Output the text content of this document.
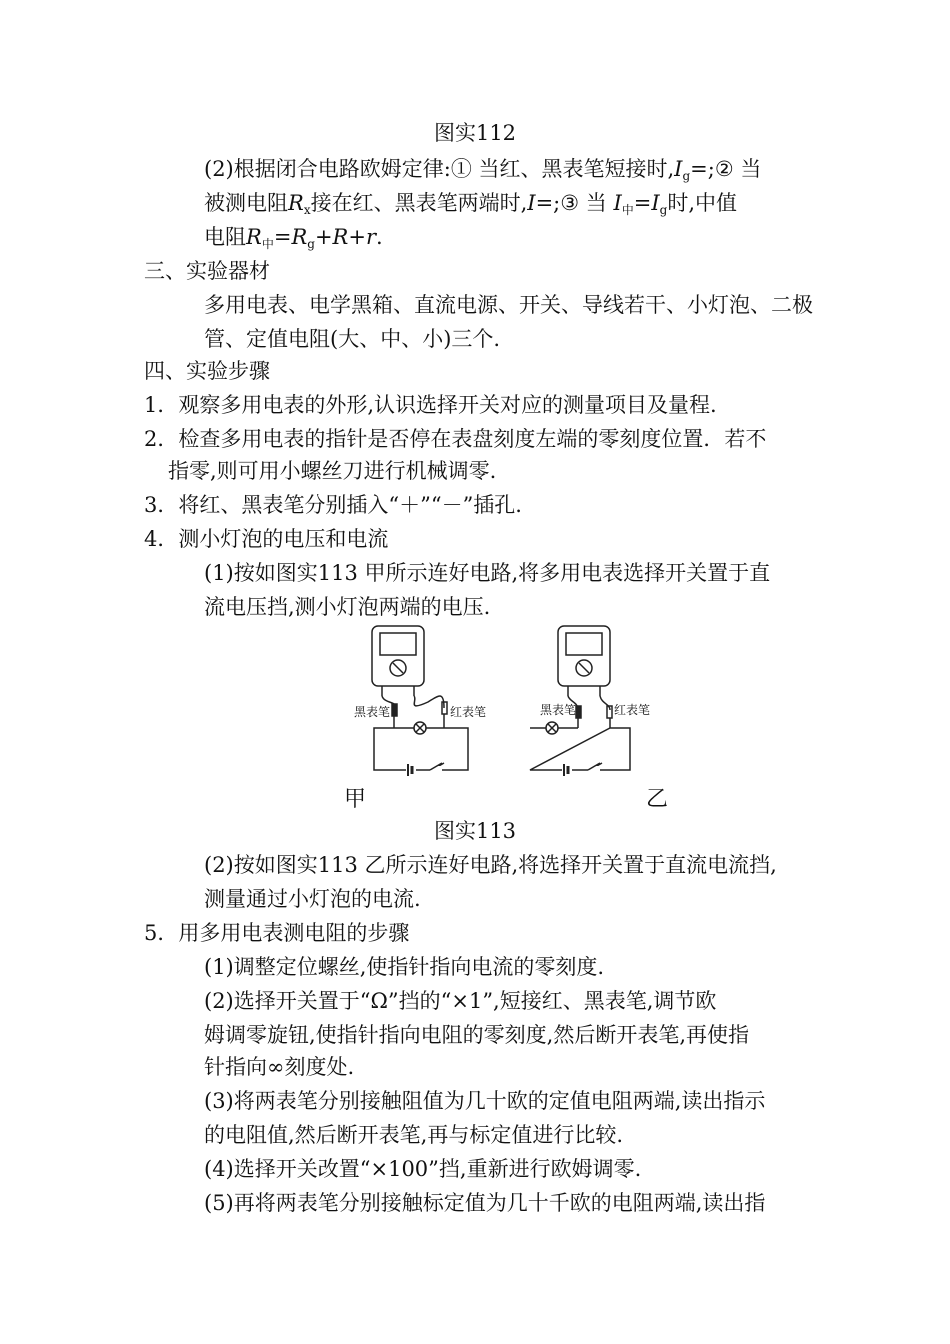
图实112
(2)根据闭合电路欧姆定律:① 当红、黑表笔短接时$,I_g=;②$ 当
被测电阻$R_x$接在红、黑表笔两端时,I=;③ 当 $I_中=I_g$时,中值
电阻$R_中=R_g+R+r$.
三、实验器材
多用电表、电学黑箱、直流电源、开关、导线若干、小灯泡、二极
管、定值电阻(大、中、小)三个.
四、实验步骤
1．观察多用电表的外形,认识选择开关对应的测量项目及量程.
2．检查多用电表的指针是否停在表盘刻度左端的零刻度位置．若不
指零,则可用小螺丝刀进行机械调零.
3．将红、黑表笔分别插入“＋”“－”插孔.
4．测小灯泡的电压和电流
(1)按如图实113 甲所示连好电路,将多用电表选择开关置于直
流电压挡,测小灯泡两端的电压.
黑表笔	红表笔	黑表笔	红表笔
甲	乙
图实113
(2)按如图实113 乙所示连好电路,将选择开关置于直流电流挡,
测量通过小灯泡的电流.
5．用多用电表测电阻的步骤
(1)调整定位螺丝,使指针指向电流的零刻度.
(2)选择开关置于“Ω”挡的“×1”,短接红、黑表笔,调节欧
姆调零旋钮,使指针指向电阻的零刻度,然后断开表笔,再使指
针指向∞刻度处.
(3)将两表笔分别接触阻值为几十欧的定值电阻两端,读出指示
的电阻值,然后断开表笔,再与标定值进行比较.
(4)选择开关改置“×100”挡,重新进行欧姆调零.
(5)再将两表笔分别接触标定值为几十千欧的电阻两端,读出指
